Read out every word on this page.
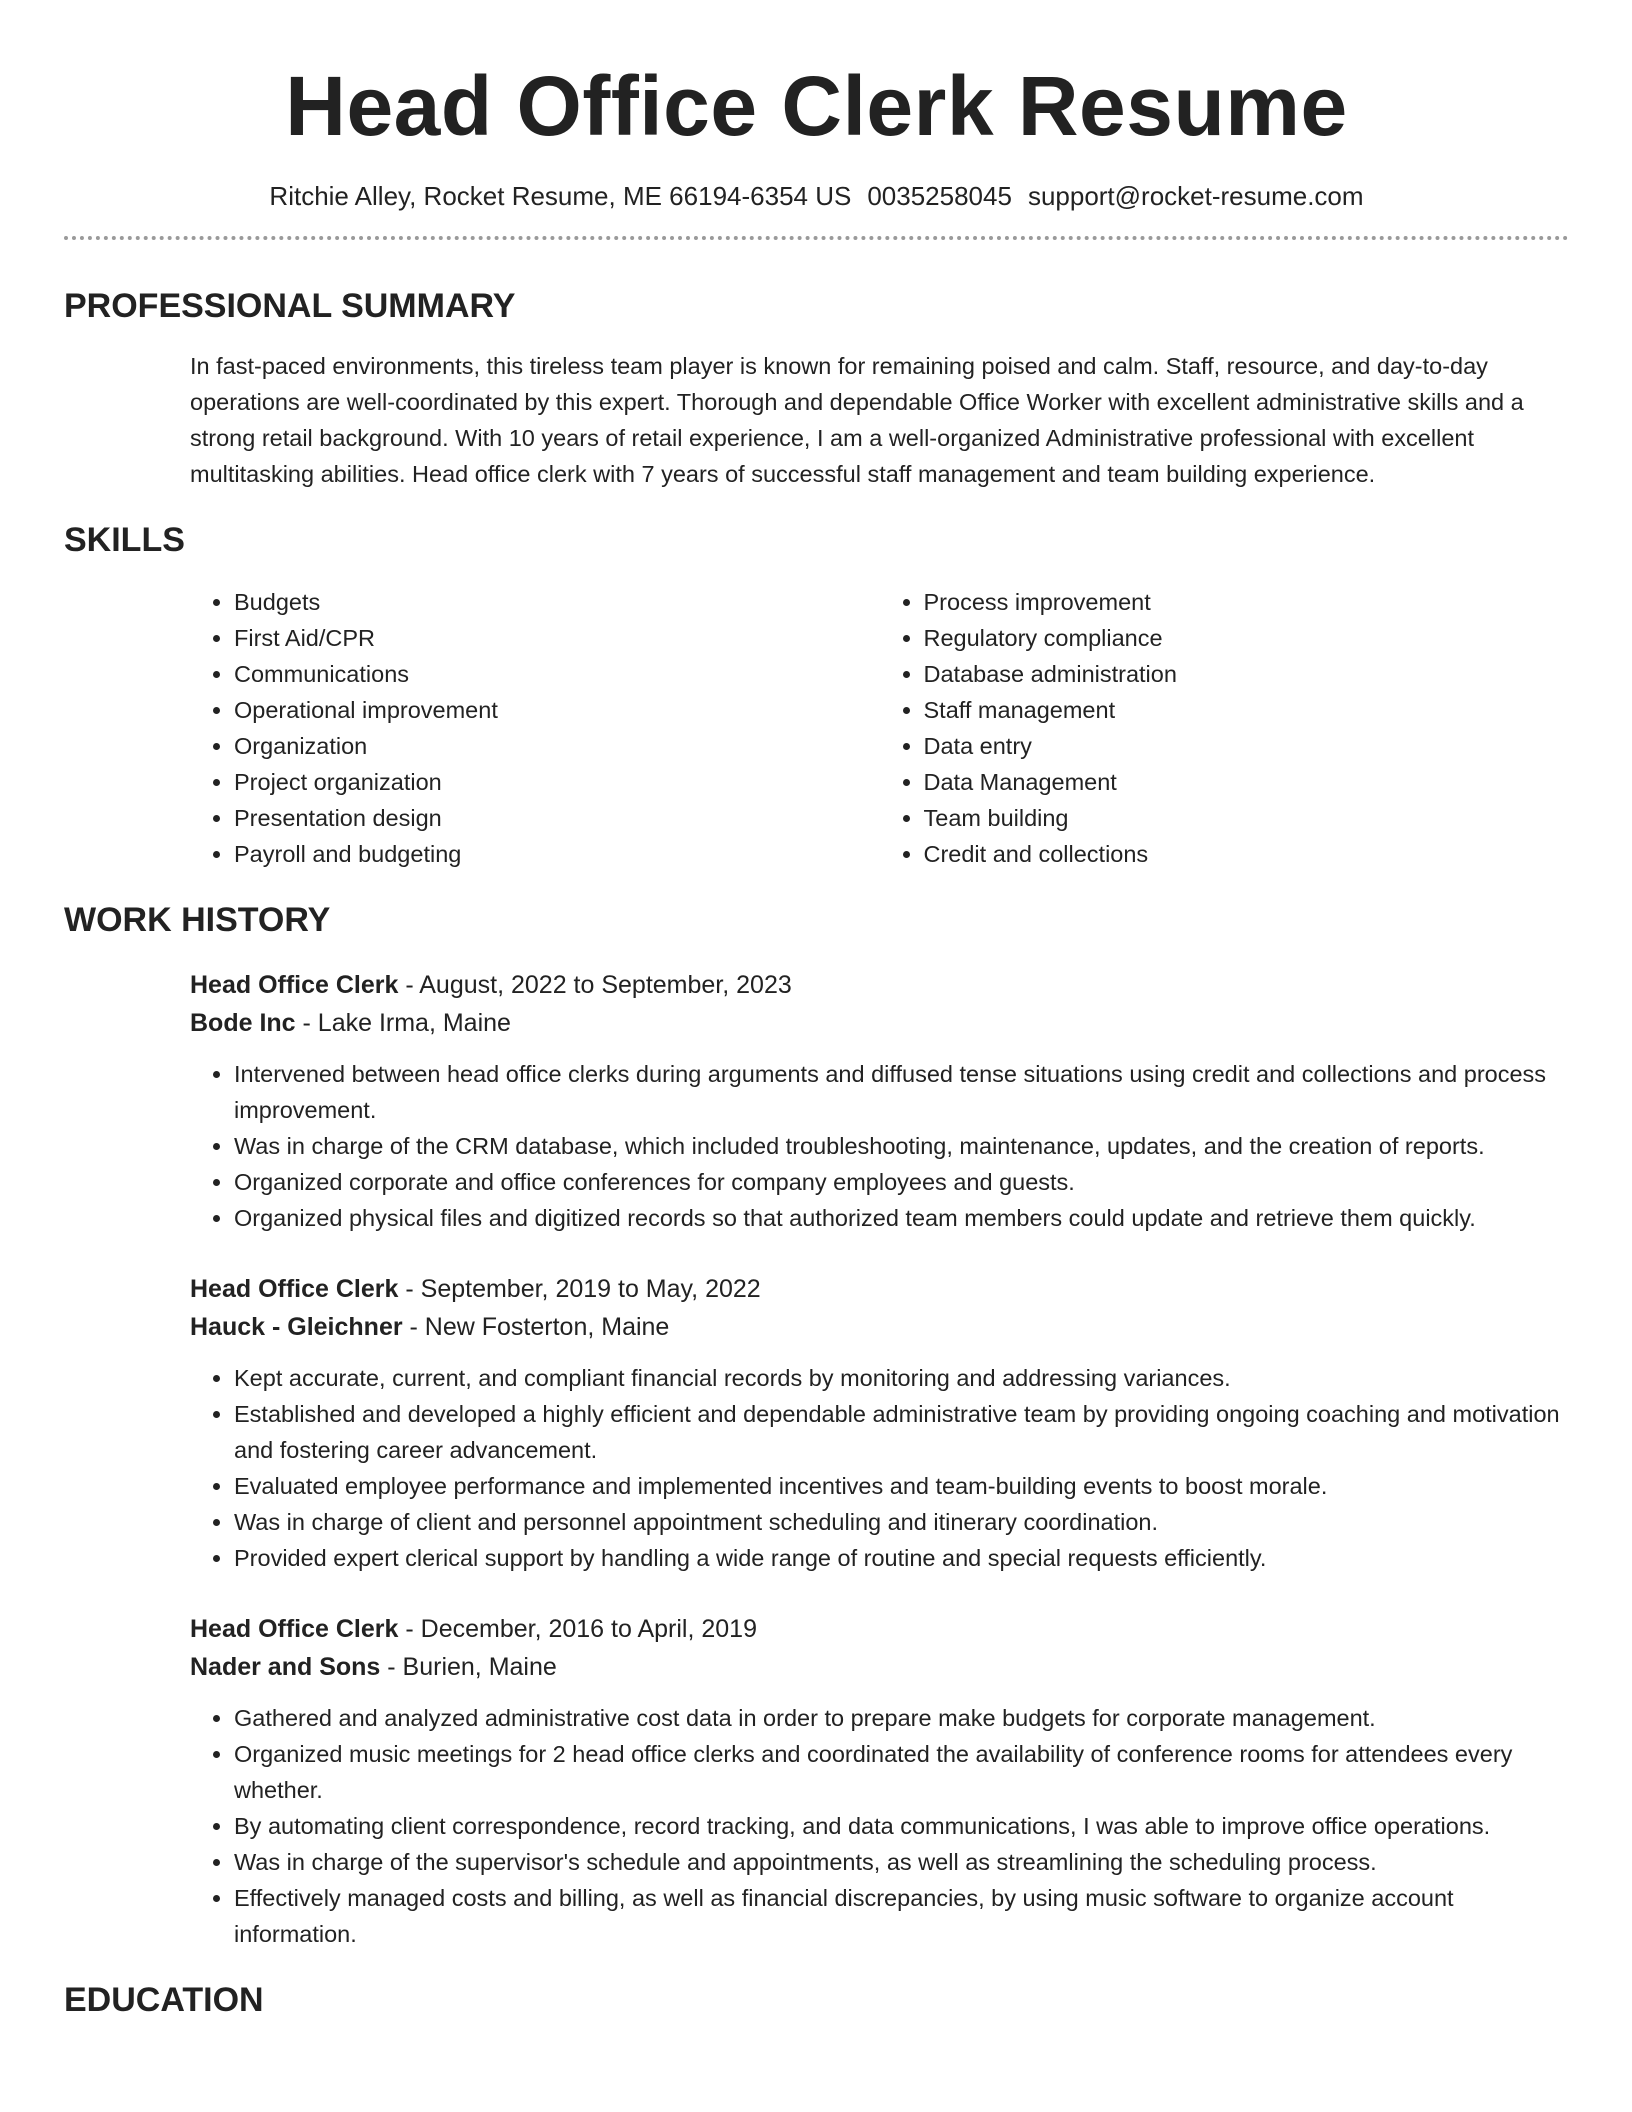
Head Office Clerk Resume
Ritchie Alley, Rocket Resume, ME 66194-6354 US 0035258045 support@rocket-resume.com
PROFESSIONAL SUMMARY

In fast-paced environments, this tireless team player is known for remaining poised and calm. Staff, resource, and day-to-day operations are well-coordinated by this expert. Thorough and dependable Office Worker with excellent administrative skills and a strong retail background. With 10 years of retail experience, I am a well-organized Administrative professional with excellent multitasking abilities. Head office clerk with 7 years of successful staff management and team building experience.

SKILLS
• Budgets
• First Aid/CPR
• Communications
• Operational improvement
• Organization
• Project organization
• Presentation design
• Payroll and budgeting
• Process improvement
• Regulatory compliance
• Database administration
• Staff management
• Data entry
• Data Management
• Team building
• Credit and collections
WORK HISTORY
Head Office Clerk - August, 2022 to September, 2023
Bode Inc - Lake Irma, Maine
• Intervened between head office clerks during arguments and diffused tense situations using credit and collections and process improvement.
• Was in charge of the CRM database, which included troubleshooting, maintenance, updates, and the creation of reports.
• Organized corporate and office conferences for company employees and guests.
• Organized physical files and digitized records so that authorized team members could update and retrieve them quickly.
Head Office Clerk - September, 2019 to May, 2022
Hauck - Gleichner - New Fosterton, Maine
• Kept accurate, current, and compliant financial records by monitoring and addressing variances.
• Established and developed a highly efficient and dependable administrative team by providing ongoing coaching and motivation and fostering career advancement.
• Evaluated employee performance and implemented incentives and team-building events to boost morale.
• Was in charge of client and personnel appointment scheduling and itinerary coordination.
• Provided expert clerical support by handling a wide range of routine and special requests efficiently.
Head Office Clerk - December, 2016 to April, 2019
Nader and Sons - Burien, Maine
• Gathered and analyzed administrative cost data in order to prepare make budgets for corporate management.
• Organized music meetings for 2 head office clerks and coordinated the availability of conference rooms for attendees every whether.
• By automating client correspondence, record tracking, and data communications, I was able to improve office operations.
• Was in charge of the supervisor's schedule and appointments, as well as streamlining the scheduling process.
• Effectively managed costs and billing, as well as financial discrepancies, by using music software to organize account information.
EDUCATION
